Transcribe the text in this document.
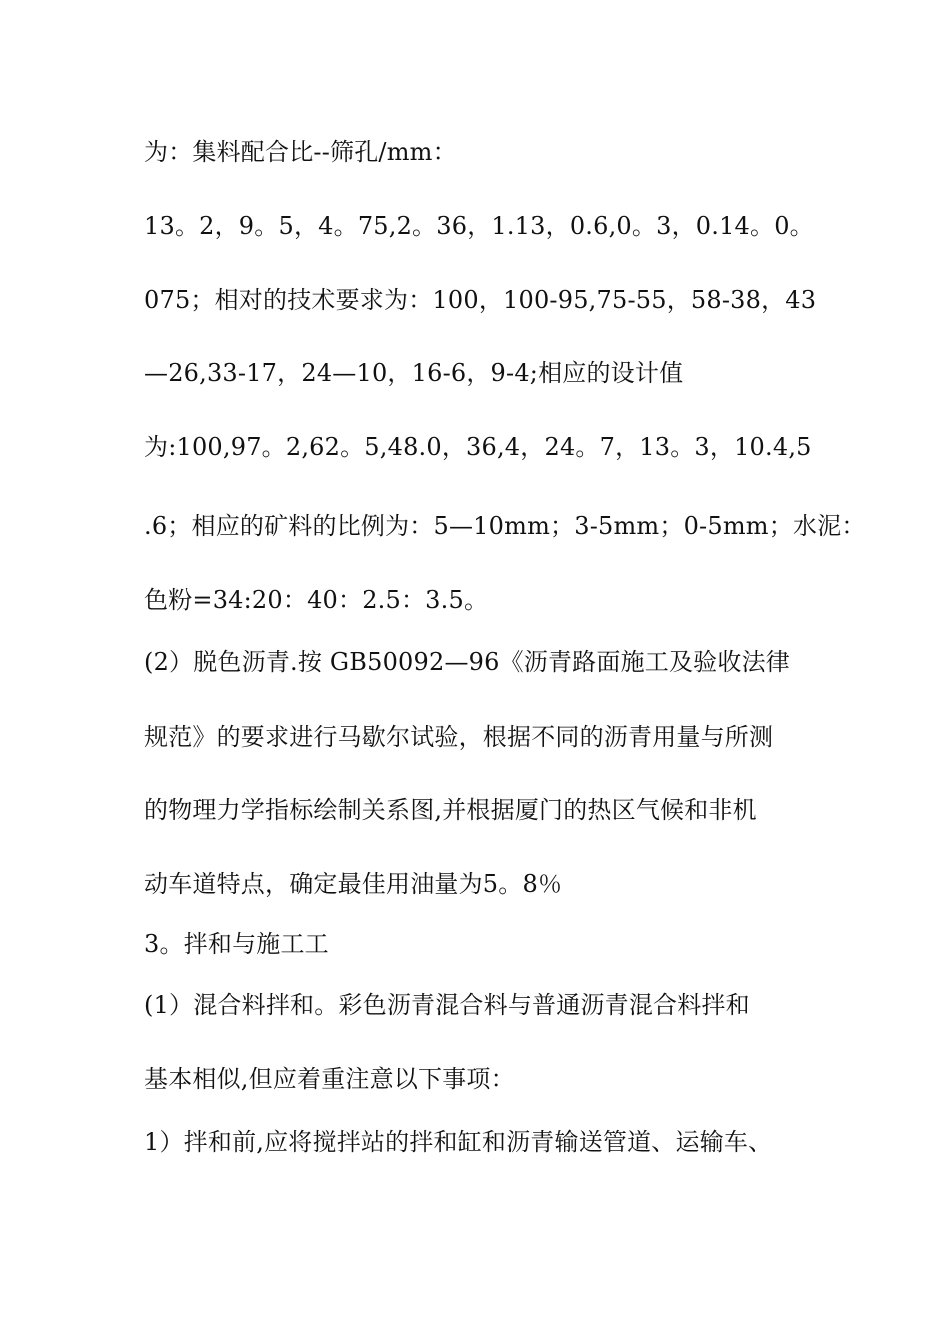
为：集料配合比--筛孔/mm：
13。2，9。5，4。75,2。36，1.13，0.6,0。3，0.14。0。
075；相对的技术要求为：100，100-95,75-55，58-38，43
—26,33-17，24—10，16-6，9-4;相应的设计值
为:100,97。2,62。5,48.0，36,4，24。7，13。3，10.4,5
.6；相应的矿料的比例为：5—10mm；3-5mm；0-5mm；水泥：
色粉=34:20：40：2.5：3.5。
(2）脱色沥青.按 GB50092—96《沥青路面施工及验收法律
规范》的要求进行马歇尔试验，根据不同的沥青用量与所测
的物理力学指标绘制关系图,并根据厦门的热区气候和非机
动车道特点，确定最佳用油量为5。8％
3。拌和与施工工
(1）混合料拌和。彩色沥青混合料与普通沥青混合料拌和
基本相似,但应着重注意以下事项：
1）拌和前,应将搅拌站的拌和缸和沥青输送管道、运输车、
